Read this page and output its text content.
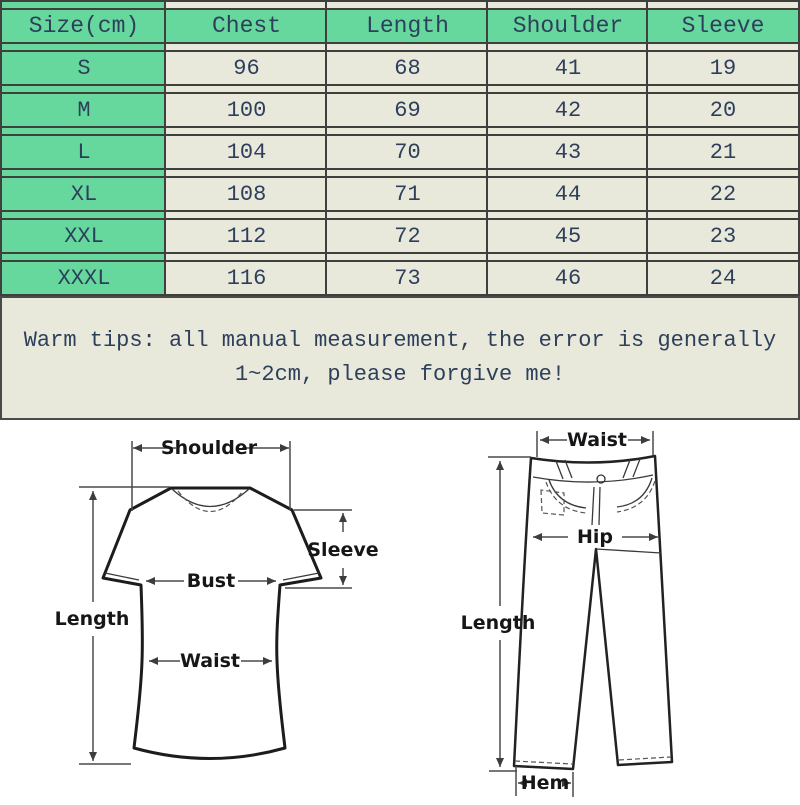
Size(cm)	Chest	Length	Shoulder	Sleeve
S	96	68	41	19
M	100	69	42	20
L	104	70	43	21
XL	108	71	44	22
XXL	112	72	45	23
XXXL	116	73	46	24
Warm tips: all manual measurement, the error is generally
1~2cm, please forgive me!
Shoulder
Sleeve
Bust
Waist
Length
Waist
Hip
Length
Hem
